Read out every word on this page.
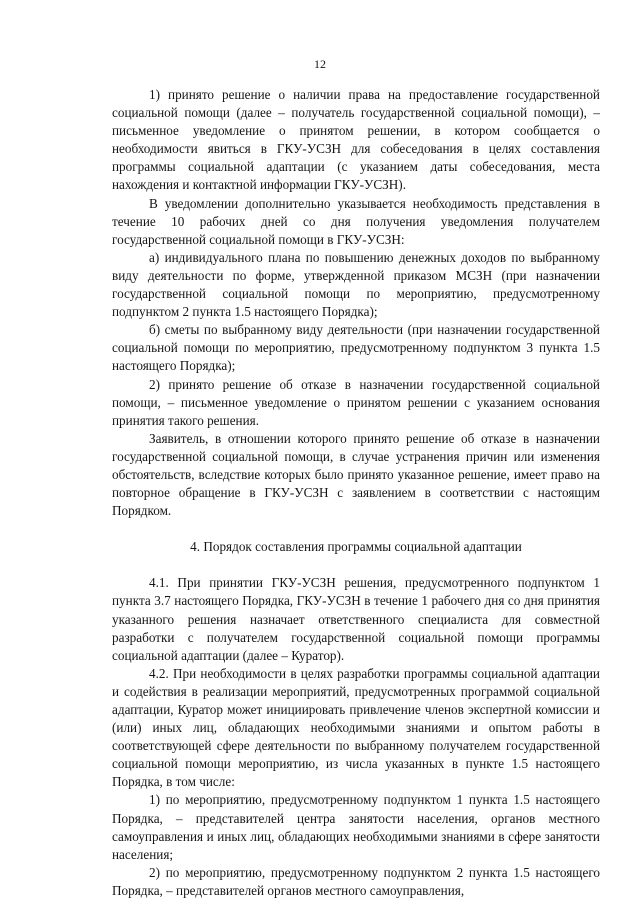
12

1) принято решение о наличии права на предоставление государственной социальной помощи (далее – получатель государственной социальной помощи), – письменное уведомление о принятом решении, в котором сообщается о необходимости явиться в ГКУ-УСЗН для собеседования в целях составления программы социальной адаптации (с указанием даты собеседования, места нахождения и контактной информации ГКУ-УСЗН).

В уведомлении дополнительно указывается необходимость представления в течение 10 рабочих дней со дня получения уведомления получателем государственной социальной помощи в ГКУ-УСЗН:

а) индивидуального плана по повышению денежных доходов по выбранному виду деятельности по форме, утвержденной приказом МСЗН (при назначении государственной социальной помощи по мероприятию, предусмотренному подпунктом 2 пункта 1.5 настоящего Порядка);

б) сметы по выбранному виду деятельности (при назначении государственной социальной помощи по мероприятию, предусмотренному подпунктом 3 пункта 1.5 настоящего Порядка);

2) принято решение об отказе в назначении государственной социальной помощи, – письменное уведомление о принятом решении с указанием основания принятия такого решения.

Заявитель, в отношении которого принято решение об отказе в назначении государственной социальной помощи, в случае устранения причин или изменения обстоятельств, вследствие которых было принято указанное решение, имеет право на повторное обращение в ГКУ-УСЗН с заявлением в соответствии с настоящим Порядком.

4. Порядок составления программы социальной адаптации

4.1. При принятии ГКУ-УСЗН решения, предусмотренного подпунктом 1 пункта 3.7 настоящего Порядка, ГКУ-УСЗН в течение 1 рабочего дня со дня принятия указанного решения назначает ответственного специалиста для совместной разработки с получателем государственной социальной помощи программы социальной адаптации (далее – Куратор).

4.2. При необходимости в целях разработки программы социальной адаптации и содействия в реализации мероприятий, предусмотренных программой социальной адаптации, Куратор может инициировать привлечение членов экспертной комиссии и (или) иных лиц, обладающих необходимыми знаниями и опытом работы в соответствующей сфере деятельности по выбранному получателем государственной социальной помощи мероприятию, из числа указанных в пункте 1.5 настоящего Порядка, в том числе:

1) по мероприятию, предусмотренному подпунктом 1 пункта 1.5 настоящего Порядка, – представителей центра занятости населения, органов местного самоуправления и иных лиц, обладающих необходимыми знаниями в сфере занятости населения;

2) по мероприятию, предусмотренному подпунктом 2 пункта 1.5 настоящего Порядка, – представителей органов местного самоуправления,
